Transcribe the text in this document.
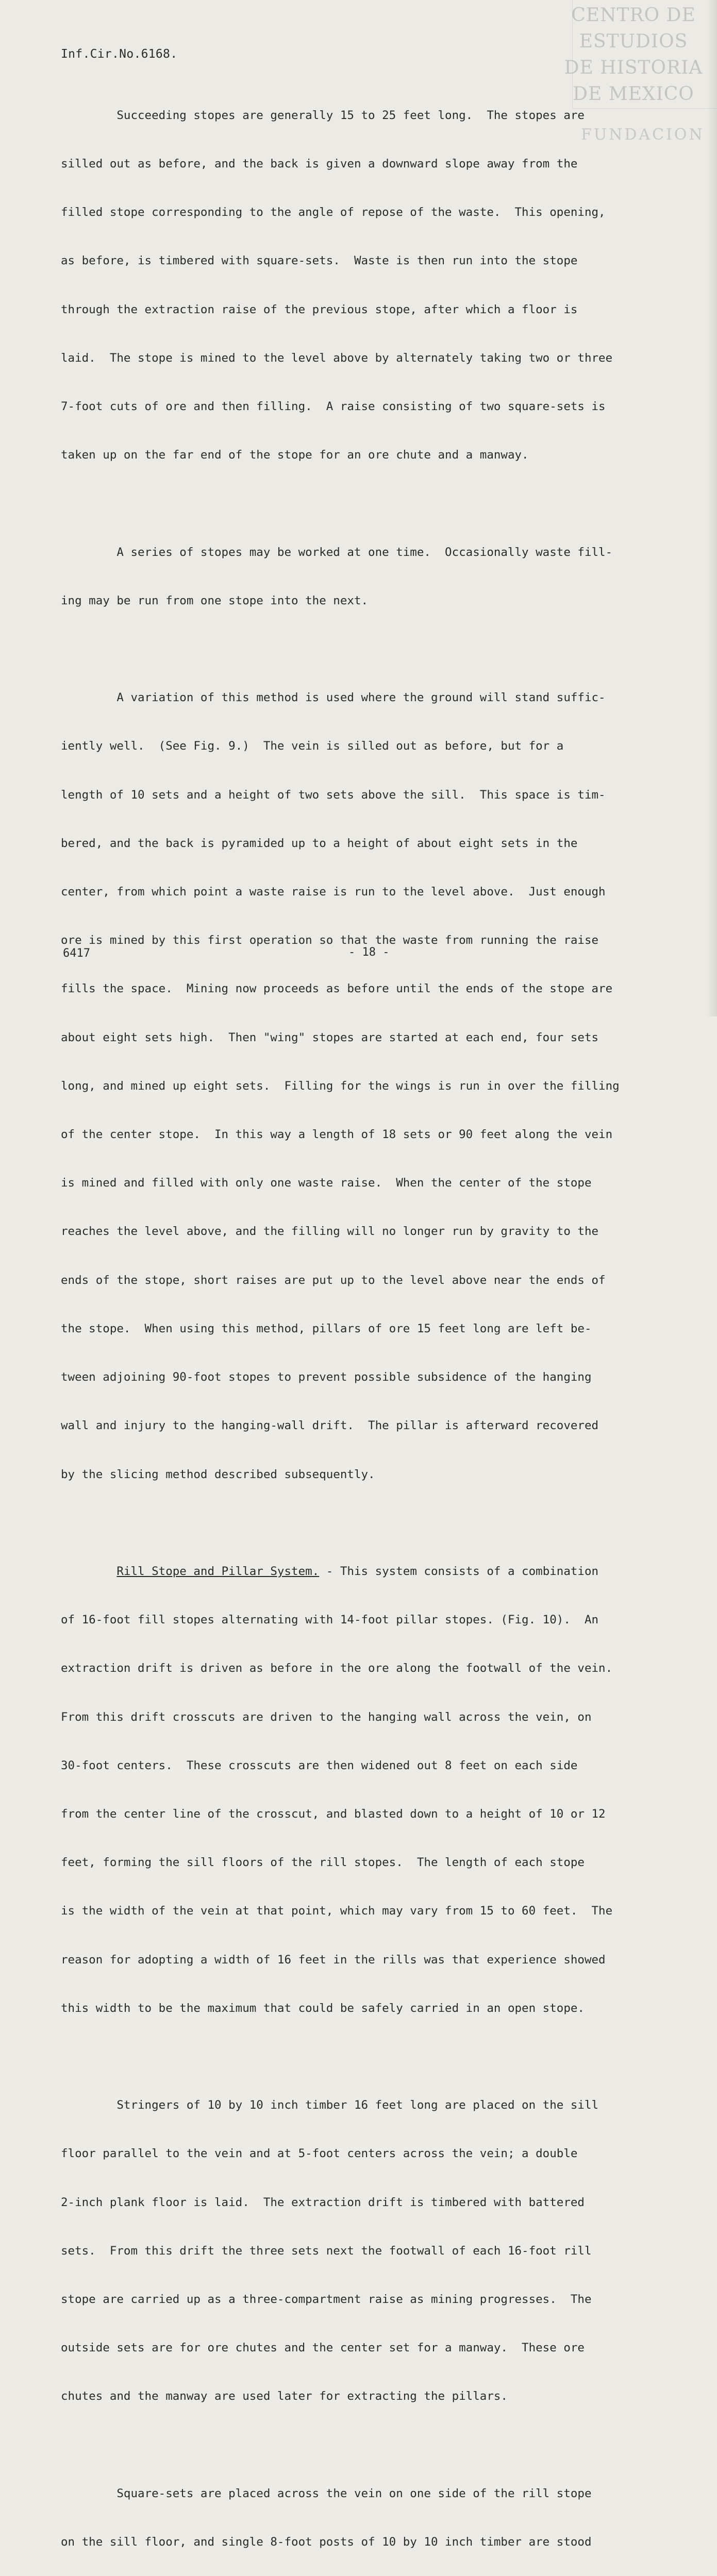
CENTRO DE
ESTUDIOS
DE HISTORIA
DE MEXICO
FUNDACION
Inf.Cir.No.6168.

Succeeding stopes are generally 15 to 25 feet long.  The stopes are

silled out as before, and the back is given a downward slope away from the

filled stope corresponding to the angle of repose of the waste.  This opening,

as before, is timbered with square-sets.  Waste is then run into the stope

through the extraction raise of the previous stope, after which a floor is

laid.  The stope is mined to the level above by alternately taking two or three

7-foot cuts of ore and then filling.  A raise consisting of two square-sets is

taken up on the far end of the stope for an ore chute and a manway.

A series of stopes may be worked at one time.  Occasionally waste fill-

ing may be run from one stope into the next.

A variation of this method is used where the ground will stand suffic-

iently well.  (See Fig. 9.)  The vein is silled out as before, but for a

length of 10 sets and a height of two sets above the sill.  This space is tim-

bered, and the back is pyramided up to a height of about eight sets in the

center, from which point a waste raise is run to the level above.  Just enough

ore is mined by this first operation so that the waste from running the raise

fills the space.  Mining now proceeds as before until the ends of the stope are

about eight sets high.  Then "wing" stopes are started at each end, four sets

long, and mined up eight sets.  Filling for the wings is run in over the filling

of the center stope.  In this way a length of 18 sets or 90 feet along the vein

is mined and filled with only one waste raise.  When the center of the stope

reaches the level above, and the filling will no longer run by gravity to the

ends of the stope, short raises are put up to the level above near the ends of

the stope.  When using this method, pillars of ore 15 feet long are left be-

tween adjoining 90-foot stopes to prevent possible subsidence of the hanging

wall and injury to the hanging-wall drift.  The pillar is afterward recovered

by the slicing method described subsequently.

Rill Stope and Pillar System. - This system consists of a combination

of 16-foot fill stopes alternating with 14-foot pillar stopes. (Fig. 10).  An

extraction drift is driven as before in the ore along the footwall of the vein.

From this drift crosscuts are driven to the hanging wall across the vein, on

30-foot centers.  These crosscuts are then widened out 8 feet on each side

from the center line of the crosscut, and blasted down to a height of 10 or 12

feet, forming the sill floors of the rill stopes.  The length of each stope

is the width of the vein at that point, which may vary from 15 to 60 feet.  The

reason for adopting a width of 16 feet in the rills was that experience showed

this width to be the maximum that could be safely carried in an open stope.

Stringers of 10 by 10 inch timber 16 feet long are placed on the sill

floor parallel to the vein and at 5-foot centers across the vein; a double

2-inch plank floor is laid.  The extraction drift is timbered with battered

sets.  From this drift the three sets next the footwall of each 16-foot rill

stope are carried up as a three-compartment raise as mining progresses.  The

outside sets are for ore chutes and the center set for a manway.  These ore

chutes and the manway are used later for extracting the pillars.

Square-sets are placed across the vein on one side of the rill stope

on the sill floor, and single 8-foot posts of 10 by 10 inch timber are stood

6417	- 18 -
